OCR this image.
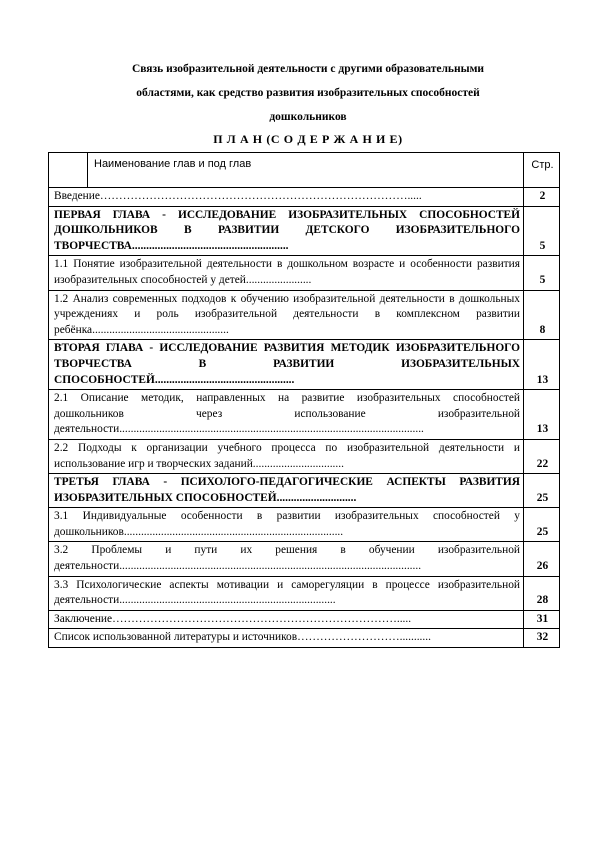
Связь изобразительной деятельности с другими образовательными
областями, как средство развития изобразительных способностей
дошкольников
П Л А Н (С О Д Е Р Ж А Н И Е)
Наименование глав и под глав	Стр.
Введение……………………………………………………………………….....	2
ПЕРВАЯ ГЛАВА - ИССЛЕДОВАНИЕ ИЗОБРАЗИТЕЛЬНЫХ СПОСОБНОСТЕЙ ДОШКОЛЬНИКОВ В РАЗВИТИИ ДЕТСКОГО ИЗОБРАЗИТЕЛЬНОГО ТВОРЧЕСТВА.......................................................	5
1.1 Понятие изобразительной деятельности в дошкольном возрасте и особенности развития изобразительных способностей у детей.......................	5
1.2 Анализ современных подходов к обучению изобразительной деятельности в дошкольных учреждениях и роль изобразительной деятельности в комплексном развитии ребёнка................................................	8
ВТОРАЯ ГЛАВА - ИССЛЕДОВАНИЕ РАЗВИТИЯ МЕТОДИК ИЗОБРАЗИТЕЛЬНОГО ТВОРЧЕСТВА В РАЗВИТИИ ИЗОБРАЗИТЕЛЬНЫХ СПОСОБНОСТЕЙ.................................................	13
2.1 Описание методик, направленных на развитие изобразительных способностей дошкольников через использование изобразительной деятельности...........................................................................................................	13
2.2 Подходы к организации учебного процесса по изобразительной деятельности и использование игр и творческих заданий................................	22
ТРЕТЬЯ ГЛАВА - ПСИХОЛОГО-ПЕДАГОГИЧЕСКИЕ АСПЕКТЫ РАЗВИТИЯ ИЗОБРАЗИТЕЛЬНЫХ СПОСОБНОСТЕЙ............................	25
3.1 Индивидуальные особенности в развитии изобразительных способностей у дошкольников.............................................................................	25
3.2 Проблемы и пути их решения в обучении изобразительной деятельности..........................................................................................................	26
3.3 Психологические аспекты мотивации и саморегуляции в процессе изобразительной деятельности............................................................................	28
Заключение………………………………………………………………….....	31
Список использованной литературы и источников………………………...........	32
